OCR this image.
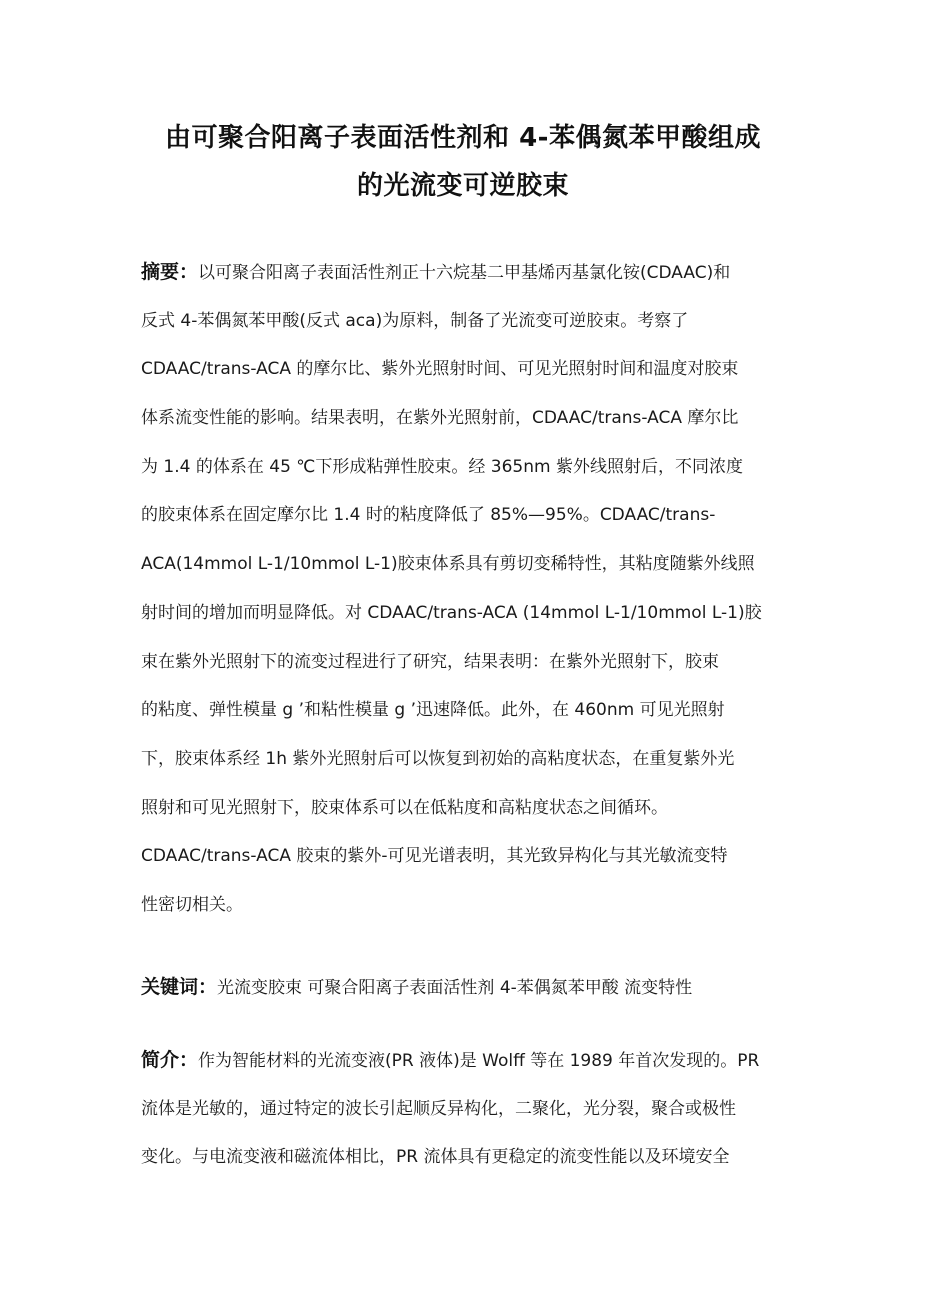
由可聚合阳离子表面活性剂和 4-苯偶氮苯甲酸组成
的光流变可逆胶束
摘要：以可聚合阳离子表面活性剂正十六烷基二甲基烯丙基氯化铵(CDAAC)和
反式 4-苯偶氮苯甲酸(反式 aca)为原料，制备了光流变可逆胶束。考察了
CDAAC/trans-ACA 的摩尔比、紫外光照射时间、可见光照射时间和温度对胶束
体系流变性能的影响。结果表明，在紫外光照射前，CDAAC/trans-ACA 摩尔比
为 1.4 的体系在 45 ℃下形成粘弹性胶束。经 365nm 紫外线照射后，不同浓度
的胶束体系在固定摩尔比 1.4 时的粘度降低了 85%—95%。CDAAC/trans-
ACA(14mmol L-1/10mmol L-1)胶束体系具有剪切变稀特性，其粘度随紫外线照
射时间的增加而明显降低。对 CDAAC/trans-ACA (14mmol L-1/10mmol L-1)胶
束在紫外光照射下的流变过程进行了研究，结果表明：在紫外光照射下，胶束
的粘度、弹性模量 g ’和粘性模量 g ’迅速降低。此外，在 460nm 可见光照射
下，胶束体系经 1h 紫外光照射后可以恢复到初始的高粘度状态，在重复紫外光
照射和可见光照射下，胶束体系可以在低粘度和高粘度状态之间循环。
CDAAC/trans-ACA 胶束的紫外-可见光谱表明，其光致异构化与其光敏流变特
性密切相关。
关键词：光流变胶束 可聚合阳离子表面活性剂 4-苯偶氮苯甲酸 流变特性
简介：作为智能材料的光流变液(PR 液体)是 Wolff 等在 1989 年首次发现的。PR
流体是光敏的，通过特定的波长引起顺反异构化，二聚化，光分裂，聚合或极性
变化。与电流变液和磁流体相比，PR 流体具有更稳定的流变性能以及环境安全
